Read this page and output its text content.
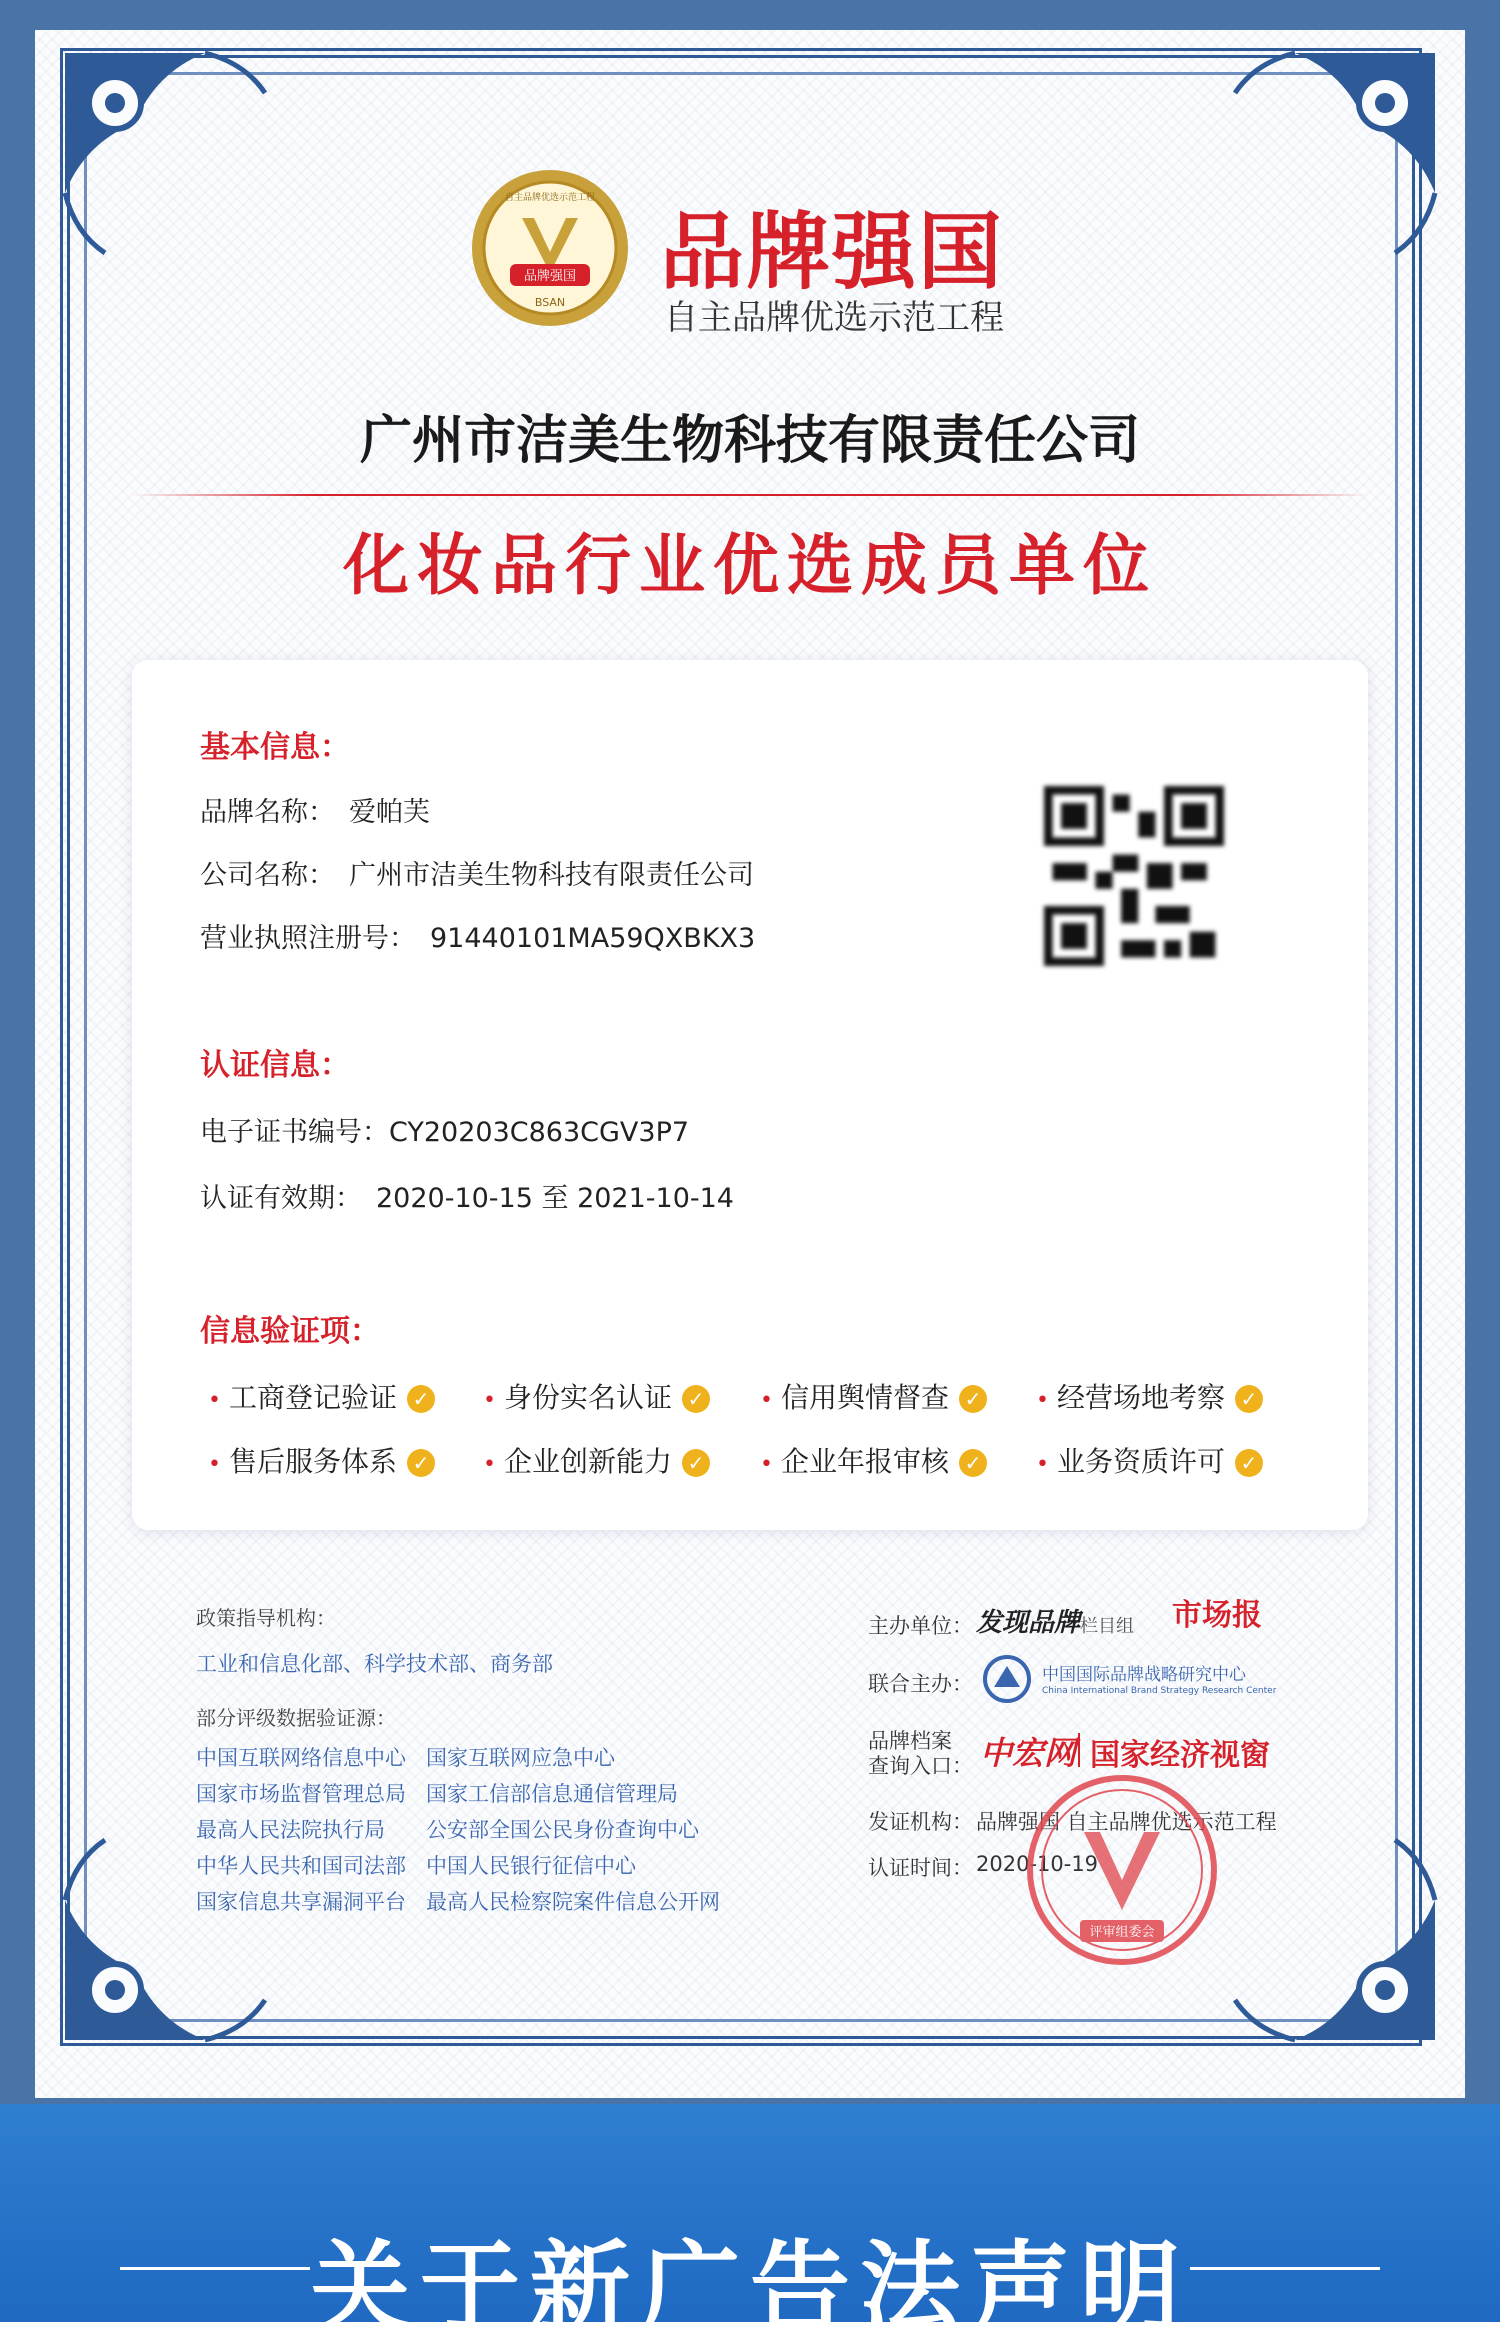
品牌强国
BSAN
自主品牌优选示范工程
品牌强国
自主品牌优选示范工程
广州市洁美生物科技有限责任公司
化妆品行业优选成员单位
基本信息：
品牌名称： 爱帕芙
公司名称： 广州市洁美生物科技有限责任公司
营业执照注册号： 91440101MA59QXBKX3
认证信息：
电子证书编号：CY20203C863CGV3P7
认证有效期： 2020-10-15 至 2021-10-14
信息验证项：
• 工商登记验证 ✓ • 身份实名认证 ✓	• 信用舆情督查 ✓ • 经营场地考察 ✓
• 售后服务体系 ✓ • 企业创新能力 ✓	• 企业年报审核 ✓ • 业务资质许可 ✓
政策指导机构：
工业和信息化部、科学技术部、商务部
部分评级数据验证源：
中国互联网络信息中心 国家互联网应急中心
国家市场监督管理总局 国家工信部信息通信管理局
最高人民法院执行局 公安部全国公民身份查询中心
中华人民共和国司法部 中国人民银行征信中心
国家信息共享漏洞平台 最高人民检察院案件信息公开网
主办单位： 发现品牌 栏目组 市场报
联合主办：	中国国际品牌战略研究中心
China International Brand Strategy Research Center
品牌档案
查询入口： 中宏网 国家经济视窗
发证机构： 品牌强国 自主品牌优选示范工程
认证时间： 2020-10-19
评审组委会
关于新广告法声明
